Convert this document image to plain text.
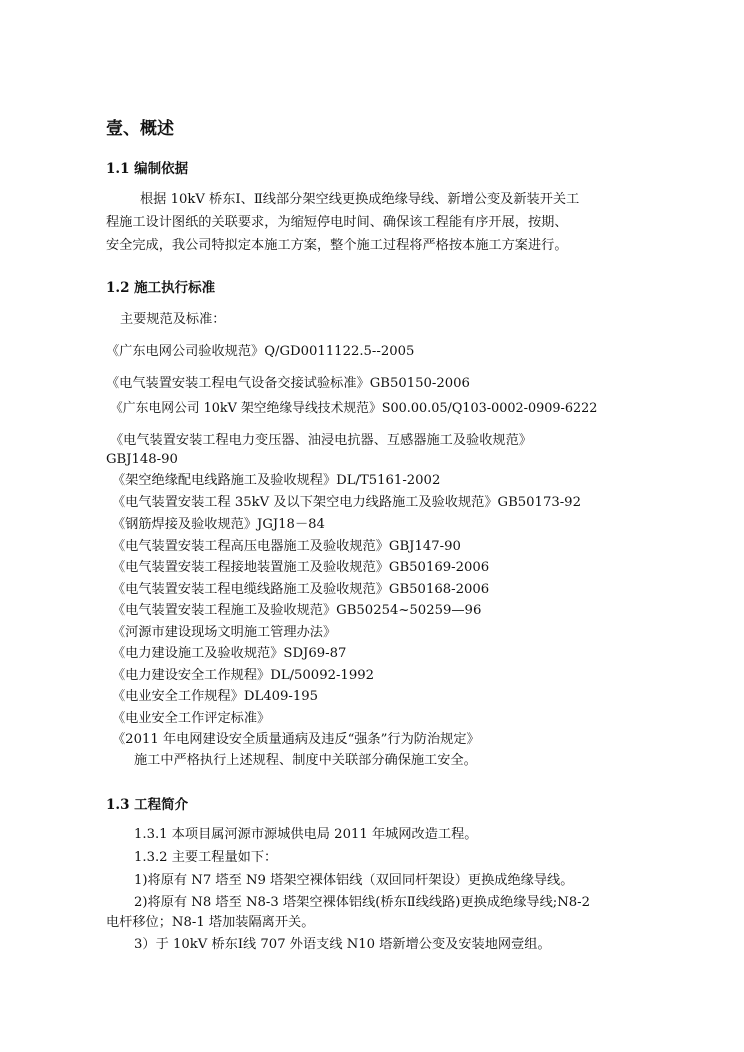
壹、概述
1.1 编制依据
根据 10kV 桥东Ⅰ、Ⅱ线部分架空线更换成绝缘导线、新增公变及新装开关工
程施工设计图纸的关联要求，为缩短停电时间、确保该工程能有序开展，按期、
安全完成，我公司特拟定本施工方案，整个施工过程将严格按本施工方案进行。
1.2 施工执行标准
主要规范及标准：
《广东电网公司验收规范》Q/GD0011122.5--2005
《电气装置安装工程电气设备交接试验标准》GB50150-2006
《广东电网公司 10kV 架空绝缘导线技术规范》S00.00.05/Q103-0002-0909-6222
《电气装置安装工程电力变压器、油浸电抗器、互感器施工及验收规范》
GBJ148-90
《架空绝缘配电线路施工及验收规程》DL/T5161-2002
《电气装置安装工程 35kV 及以下架空电力线路施工及验收规范》GB50173-92
《钢筋焊接及验收规范》JGJ18－84
《电气装置安装工程高压电器施工及验收规范》GBJ147-90
《电气装置安装工程接地装置施工及验收规范》GB50169-2006
《电气装置安装工程电缆线路施工及验收规范》GB50168-2006
《电气装置安装工程施工及验收规范》GB50254~50259—96
《河源市建设现场文明施工管理办法》
《电力建设施工及验收规范》SDJ69-87
《电力建设安全工作规程》DL/50092-1992
《电业安全工作规程》DL409-195
《电业安全工作评定标准》
《2011 年电网建设安全质量通病及违反“强条”行为防治规定》
施工中严格执行上述规程、制度中关联部分确保施工安全。
1.3 工程简介
1.3.1 本项目属河源市源城供电局 2011 年城网改造工程。
1.3.2 主要工程量如下：
1)将原有 N7 塔至 N9 塔架空裸体铝线（双回同杆架设）更换成绝缘导线。
2)将原有 N8 塔至 N8-3 塔架空裸体铝线(桥东Ⅱ线线路)更换成绝缘导线;N8-2
电杆移位；N8-1 塔加装隔离开关。
3）于 10kV 桥东Ⅰ线 707 外语支线 N10 塔新增公变及安装地网壹组。
